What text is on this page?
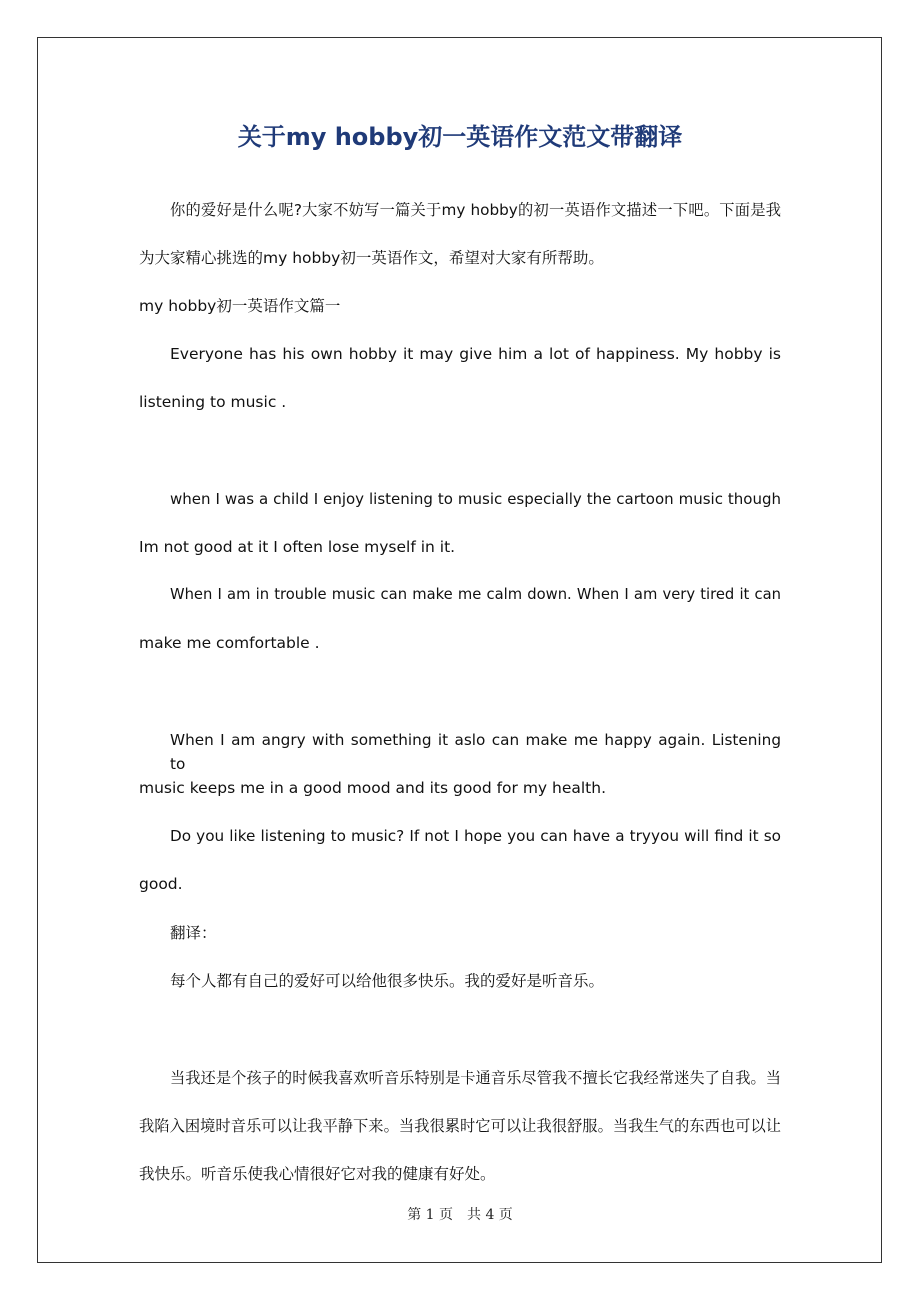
关于my hobby初一英语作文范文带翻译
你的爱好是什么呢?大家不妨写一篇关于my hobby的初一英语作文描述一下吧。下面是我
为大家精心挑选的my hobby初一英语作文，希望对大家有所帮助。
my hobby初一英语作文篇一
Everyone has his own hobby it may give him a lot of happiness. My hobby is
listening to music .
when I was a child I enjoy listening to music especially the cartoon music though
Im not good at it I often lose myself in it.
When I am in trouble music can make me calm down. When I am very tired it can
make me comfortable .
When I am angry with something it aslo can make me happy again. Listening to
music keeps me in a good mood and its good for my health.
Do you like listening to music? If not I hope you can have a tryyou will find it so
good.
翻译：
每个人都有自己的爱好可以给他很多快乐。我的爱好是听音乐。
当我还是个孩子的时候我喜欢听音乐特别是卡通音乐尽管我不擅长它我经常迷失了自我。当
我陷入困境时音乐可以让我平静下来。当我很累时它可以让我很舒服。当我生气的东西也可以让
我快乐。听音乐使我心情很好它对我的健康有好处。
第 1 页 共 4 页
